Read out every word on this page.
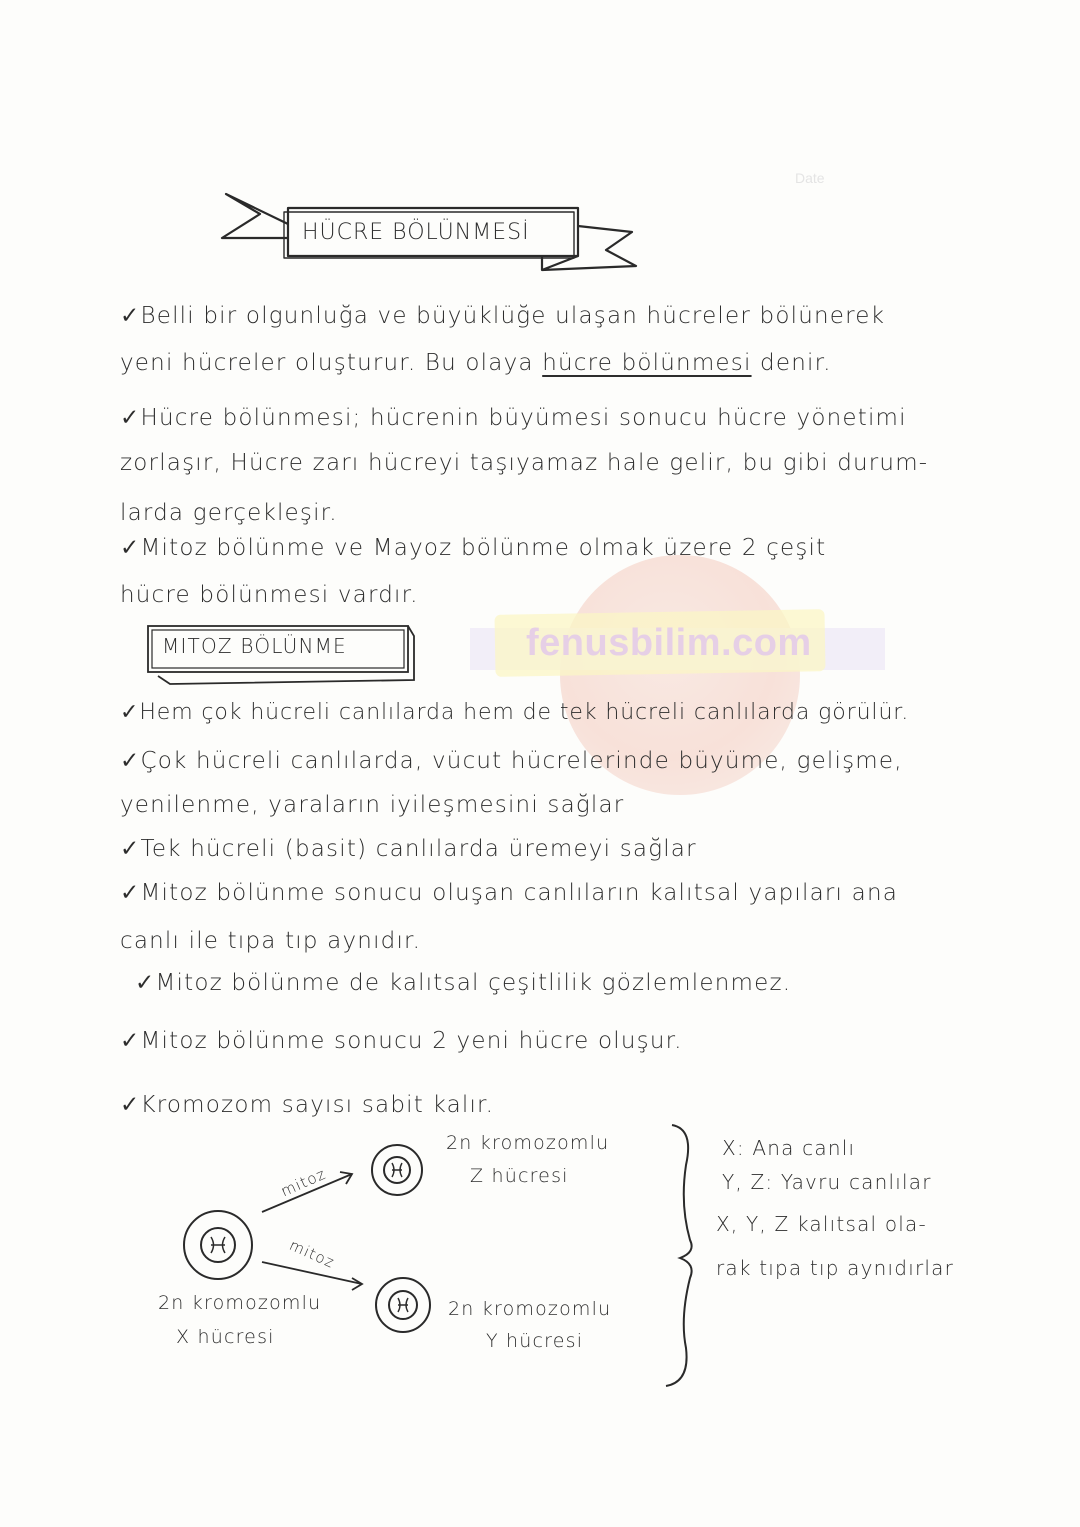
fenusbilim.com
Date
HÜCRE BÖLÜNMESİ
✓Belli bir olgunluğa ve büyüklüğe ulaşan hücreler bölünerek
yeni hücreler oluşturur. Bu olaya hücre bölünmesi denir.
✓Hücre bölünmesi; hücrenin büyümesi sonucu hücre yönetimi
zorlaşır, Hücre zarı hücreyi taşıyamaz hale gelir, bu gibi durum-
larda gerçekleşir.
✓Mitoz bölünme ve Mayoz bölünme olmak üzere 2 çeşit
hücre bölünmesi vardır.
MITOZ BÖLÜNME
✓Hem çok hücreli canlılarda hem de tek hücreli canlılarda görülür.
✓Çok hücreli canlılarda, vücut hücrelerinde büyüme, gelişme,
yenilenme, yaraların iyileşmesini sağlar
✓Tek hücreli (basit) canlılarda üremeyi sağlar
✓Mitoz bölünme sonucu oluşan canlıların kalıtsal yapıları ana
canlı ile tıpa tıp aynıdır.
✓Mitoz bölünme de kalıtsal çeşitlilik gözlemlenmez.
✓Mitoz bölünme sonucu 2 yeni hücre oluşur.
✓Kromozom sayısı sabit kalır.
mitoz
mitoz
2n kromozomlu
X hücresi
2n kromozomlu
Z hücresi
2n kromozomlu
Y hücresi
X: Ana canlı
Y, Z: Yavru canlılar
X, Y, Z kalıtsal ola-
rak tıpa tıp aynıdırlar
